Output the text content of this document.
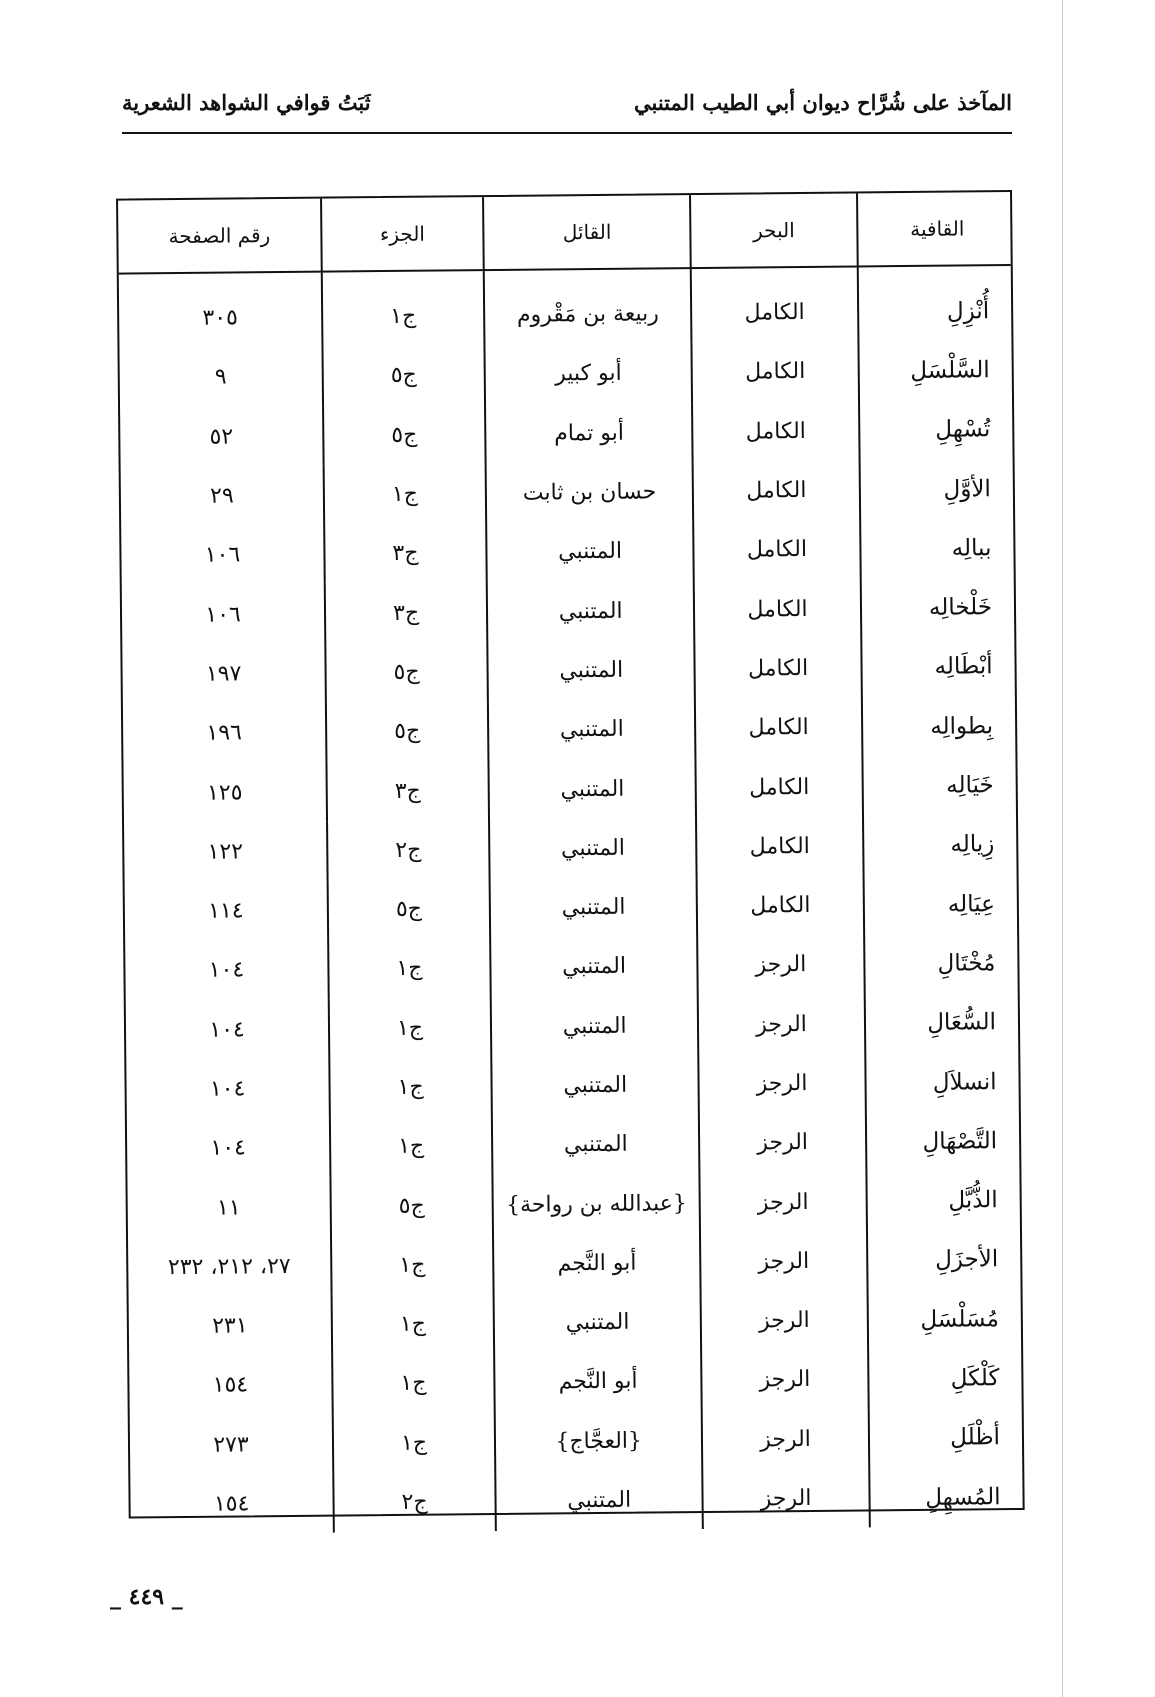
المآخذ على شُرَّاح ديوان أبي الطيب المتنبي
ثَبَتُ قوافي الشواهد الشعرية
القافية	البحر	القائل	الجزء	رقم الصفحة
أُنْزِلِ	الكامل	ربيعة بن مَقْروم	ج١	٣٠٥
السَّلْسَلِ	الكامل	أبو كبير	ج٥	٩
تُسْهِلِ	الكامل	أبو تمام	ج٥	٥٢
الأوَّلِ	الكامل	حسان بن ثابت	ج١	٢٩
ببالِه	الكامل	المتنبي	ج٣	١٠٦
خَلْخالِه	الكامل	المتنبي	ج٣	١٠٦
أبْطَالِه	الكامل	المتنبي	ج٥	١٩٧
بِطوالِه	الكامل	المتنبي	ج٥	١٩٦
خَيَالِه	الكامل	المتنبي	ج٣	١٢٥
زِيالِه	الكامل	المتنبي	ج٢	١٢٢
عِيَالِه	الكامل	المتنبي	ج٥	١١٤
مُخْتَالِ	الرجز	المتنبي	ج١	١٠٤
السُّعَالِ	الرجز	المتنبي	ج١	١٠٤
انسلاَلِ	الرجز	المتنبي	ج١	١٠٤
التَّصْهَالِ	الرجز	المتنبي	ج١	١٠٤
الذُّبَّلِ	الرجز	{عبدالله بن رواحة}	ج٥	١١
الأجزَلِ	الرجز	أبو النَّجم	ج١	٢٧، ٢١٢، ٢٣٢
مُسَلْسَلِ	الرجز	المتنبي	ج١	٢٣١
كَلْكَلِ	الرجز	أبو النَّجم	ج١	١٥٤
أظْلَلِ	الرجز	{العجَّاج}	ج١	٢٧٣
المُسهِلِ	الرجز	المتنبي	ج٢	١٥٤
_ ٤٤٩ _
